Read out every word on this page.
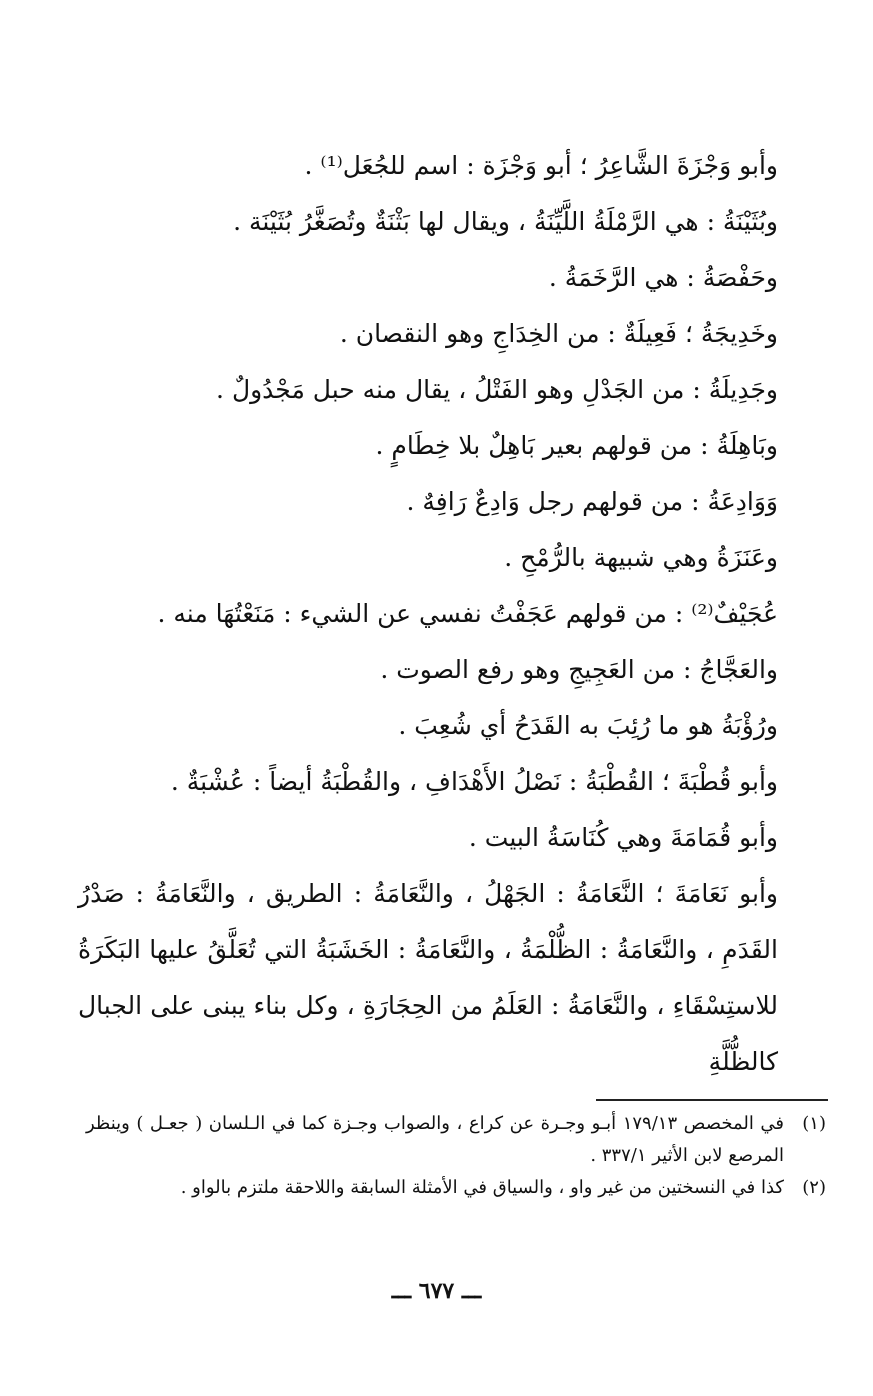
وأبو وَجْزَةَ الشَّاعِرُ ؛ أبو وَجْزَة : اسم للجُعَل⁽¹⁾ .
وبُثَيْنَةُ : هي الرَّمْلَةُ اللَّيِّنَةُ ، ويقال لها بَثْنَةٌ وتُصَغَّرُ بُثَيْنَة .
وحَفْصَةُ : هي الرَّخَمَةُ .
وخَدِيجَةُ ؛ فَعِيلَةٌ : من الخِدَاجِ وهو النقصان .
وجَدِيلَةُ : من الجَدْلِ وهو الفَتْلُ ، يقال منه حبل مَجْدُولٌ .
وبَاهِلَةُ : من قولهم بعير بَاهِلٌ بلا خِطَامٍ .
وَوَادِعَةُ : من قولهم رجل وَادِعٌ رَافِهٌ .
وعَنَزَةُ وهي شبيهة بالرُّمْحِ .
عُجَيْفٌ⁽²⁾ : من قولهم عَجَفْتُ نفسي عن الشيء : مَنَعْتُهَا منه .
والعَجَّاجُ : من العَجِيجِ وهو رفع الصوت .
ورُؤْبَةُ هو ما رُئِبَ به القَدَحُ أي شُعِبَ .
وأبو قُطْبَةَ ؛ القُطْبَةُ : نَصْلُ الأَهْدَافِ ، والقُطْبَةُ أيضاً : عُشْبَةٌ .
وأبو قُمَامَةَ وهي كُنَاسَةُ البيت .
وأبو نَعَامَةَ ؛ النَّعَامَةُ : الجَهْلُ ، والنَّعَامَةُ : الطريق ، والنَّعَامَةُ : صَدْرُ
القَدَمِ ، والنَّعَامَةُ : الظُّلْمَةُ ، والنَّعَامَةُ : الخَشَبَةُ التي تُعَلَّقُ عليها البَكَرَةُ
للاستِسْقَاءِ ، والنَّعَامَةُ : العَلَمُ من الحِجَارَةِ ، وكل بناء يبنى على الجبال كالظُّلَّةِ
(١)
في المخصص ١٧٩/١٣ أبـو وجـرة عن كراع ، والصواب وجـزة كما في الـلسان ( جعـل ) وينظر
المرصع لابن الأثير ٣٣٧/١ .
(٢)
كذا في النسختين من غير واو ، والسياق في الأمثلة السابقة واللاحقة ملتزم بالواو .
ـــ ٦٧٧ ـــ
